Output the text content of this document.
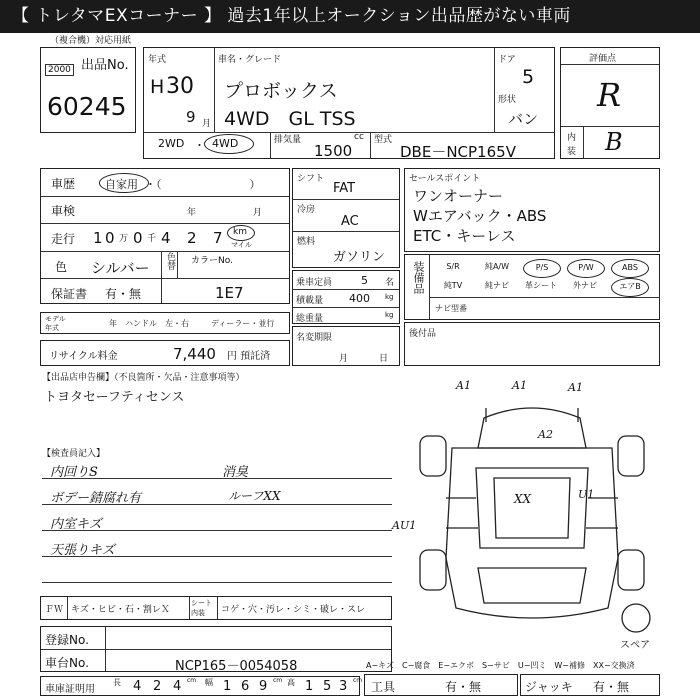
【 トレタマEXコーナー 】 過去1年以上オークション出品歴がない車両
（複合機）対応用紙
出品No.
2000
60245
年式
H 30
9 月
車名・グレード
プロボックス
4WD　GL TSS
ドア
5
形状
バン
2WD ・ 4WD	排気量	cc
1500
型式
DBE－NCP165V
評価点
R
内
装 B
車歴	自家用 ・（　　　　　　　　）
車検	年	月
走行 1 0 万 0 千 4 2 7 km
マイル
色 シルバー 色替 カラーNo.
保証書 有・無	1E7
モデル
年式	年 ハンドル　左・右	ディーラー・並行
リサイクル料金	7,440 円 預託済
シフト
FAT
冷房
AC
燃料
ガソリン
乗車定員	5 名
積載量 400 kg
総重量	kg
名変期限
月	日
セールスポイント
ワンオーナー
Wエアバック・ABS
ETC・キーレス
装備品	S/R	純A/W	P/S	P/W	ABS
純TV	純ナビ	革シート	外ナビ	エアB
ナビ型番
後付品
【出品店申告欄】（不良箇所・欠品・注意事項等）
トヨタセーフティセンス
【検査員記入】
内回りS
ボデー錆腐れ有
内室キズ
天張りキズ
消臭
ルーフXX
A1	A1	A1
A2
XX	U1
AU1
ＦＷ キズ・ヒビ・石・割レＸ
シート
内装 コゲ・穴・汚レ・シミ・破レ・スレ
登録No.
車台No.	NCP165－0054058
車庫証明用
長 4 2 4 cm 幅 1 6 9 cm 高 1 5 3 cm
スペア
A−キズ　C−腐食　E−エクボ　S−サビ　U−凹ミ　W−補修　XX−交換済
工具	有・無	ジャッキ 有・無
